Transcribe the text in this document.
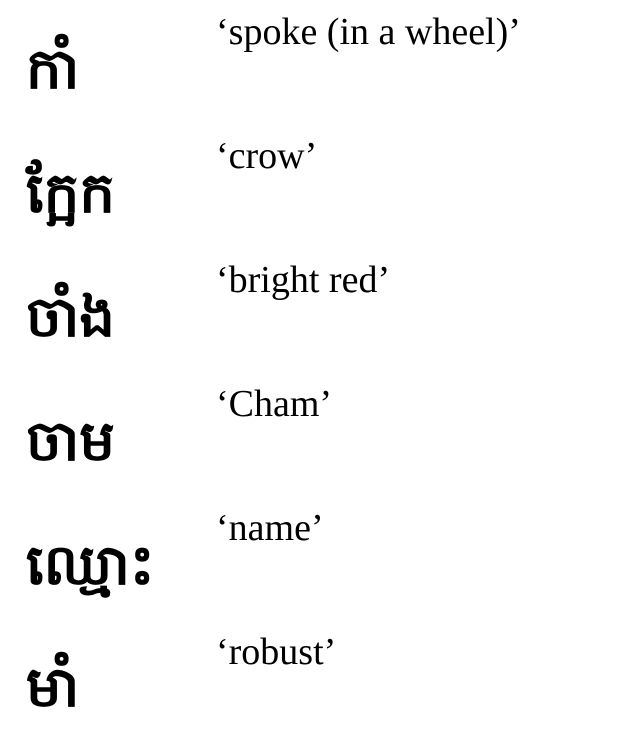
កាំ
‘spoke (in a wheel)’
ក្អែក
‘crow’
ចាំង
‘bright red’
ចាម
‘Cham’
ឈ្មោះ
‘name’
មាំ
‘robust’
